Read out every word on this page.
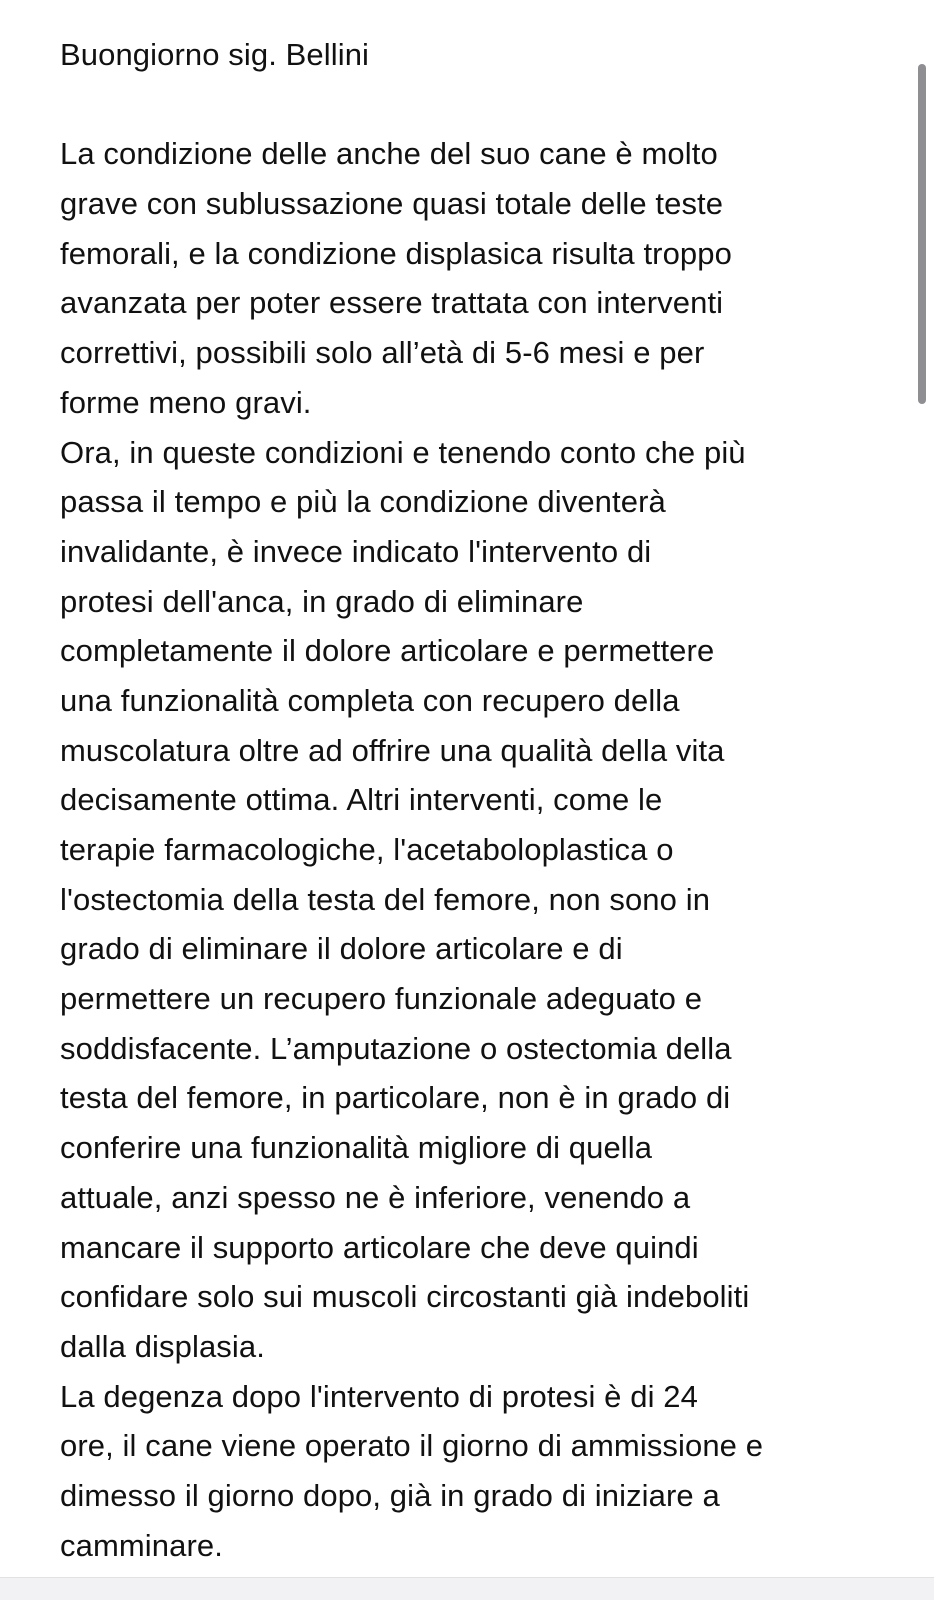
Buongiorno sig. Bellini
La condizione delle anche del suo cane è molto
grave con sublussazione quasi totale delle teste
femorali, e la condizione displasica risulta troppo
avanzata per poter essere trattata con interventi
correttivi, possibili solo all’età di 5-6 mesi e per
forme meno gravi.
Ora, in queste condizioni e tenendo conto che più
passa il tempo e più la condizione diventerà
invalidante, è invece indicato l'intervento di
protesi dell'anca, in grado di eliminare
completamente il dolore articolare e permettere
una funzionalità completa con recupero della
muscolatura oltre ad offrire una qualità della vita
decisamente ottima. Altri interventi, come le
terapie farmacologiche, l'acetaboloplastica o
l'ostectomia della testa del femore, non sono in
grado di eliminare il dolore articolare e di
permettere un recupero funzionale adeguato e
soddisfacente. L’amputazione o ostectomia della
testa del femore, in particolare, non è in grado di
conferire una funzionalità migliore di quella
attuale, anzi spesso ne è inferiore, venendo a
mancare il supporto articolare che deve quindi
confidare solo sui muscoli circostanti già indeboliti
dalla displasia.
La degenza dopo l'intervento di protesi è di 24
ore, il cane viene operato il giorno di ammissione e
dimesso il giorno dopo, già in grado di iniziare a
camminare.
